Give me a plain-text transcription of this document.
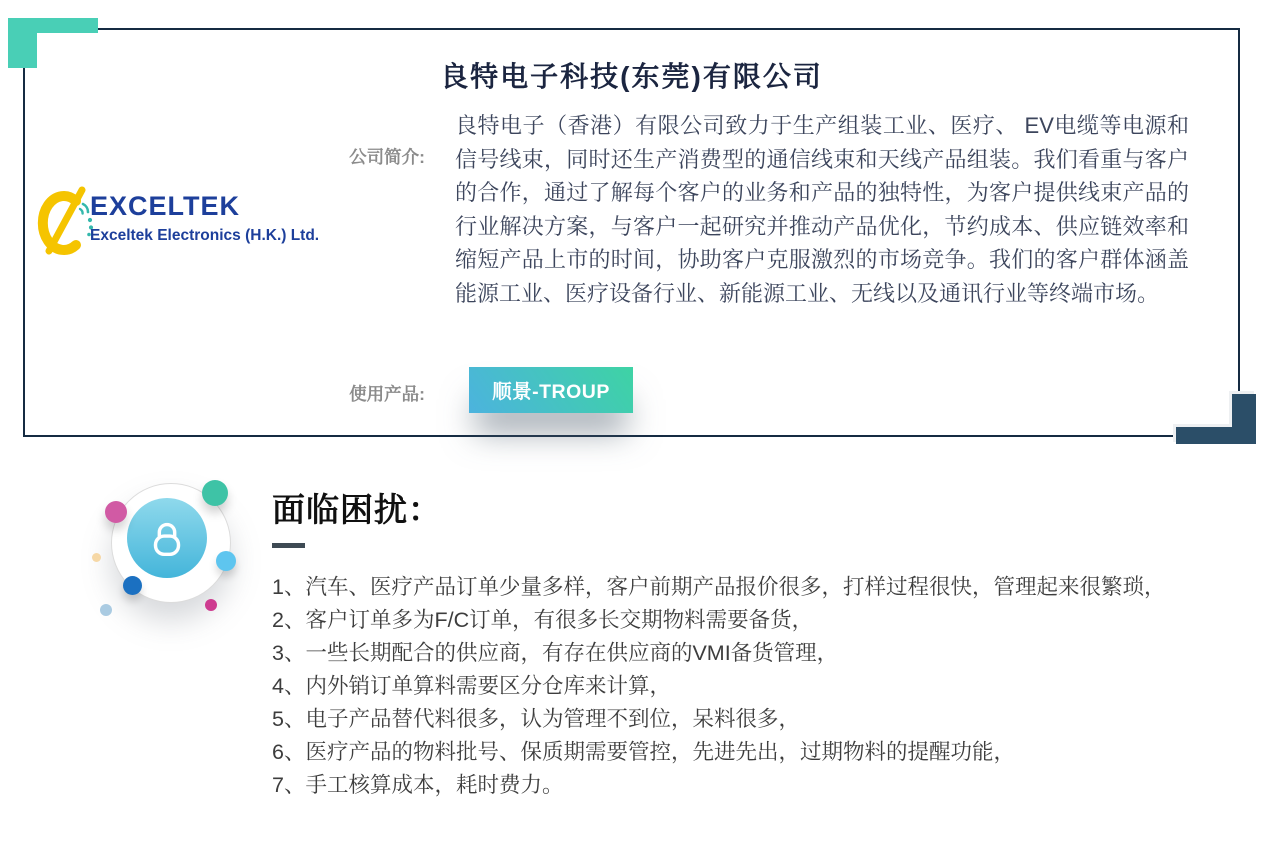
良特电子科技(东莞)有限公司
EXCELTEK
Exceltek Electronics (H.K.) Ltd.
公司简介:
良特电子（香港）有限公司致力于生产组装工业、医疗、 EV电缆等电源和信号线束，同时还生产消费型的通信线束和天线产品组装。我们看重与客户的合作，通过了解每个客户的业务和产品的独特性，为客户提供线束产品的行业解决方案，与客户一起研究并推动产品优化，节约成本、供应链效率和缩短产品上市的时间，协助客户克服激烈的市场竞争。我们的客户群体涵盖能源工业、医疗设备行业、新能源工业、无线以及通讯行业等终端市场。
使用产品:	顺景-TROUP
面临困扰：
1、汽车、医疗产品订单少量多样，客户前期产品报价很多，打样过程很快，管理起来很繁琐，
2、客户订单多为F/C订单，有很多长交期物料需要备货，
3、一些长期配合的供应商，有存在供应商的VMI备货管理，
4、内外销订单算料需要区分仓库来计算，
5、电子产品替代料很多，认为管理不到位，呆料很多，
6、医疗产品的物料批号、保质期需要管控，先进先出，过期物料的提醒功能，
7、手工核算成本，耗时费力。
